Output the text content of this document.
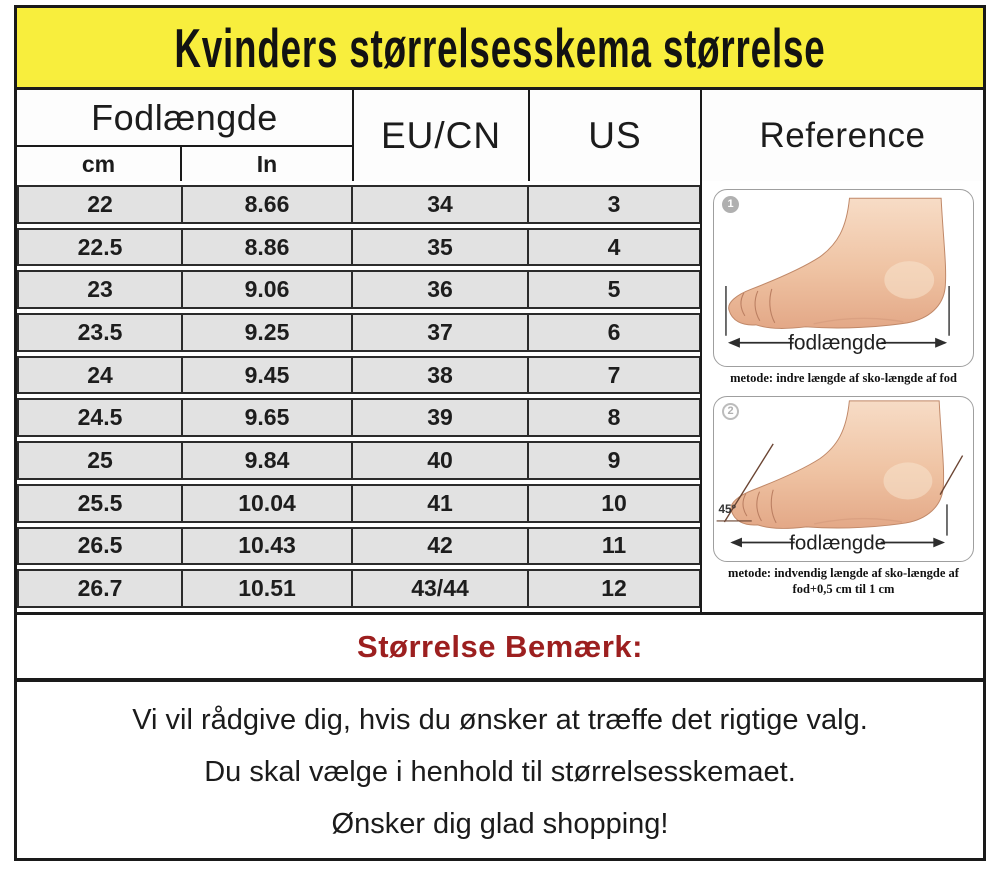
Kvinders størrelsesskema størrelse
Fodlængde
cm	In
EU/CN	US	Reference
22	8.66	34	3
22.5	8.86	35	4
23	9.06	36	5
23.5	9.25	37	6
24	9.45	38	7
24.5	9.65	39	8
25	9.84	40	9
25.5	10.04	41	10
26.5	10.43	42	11
26.7	10.51	43/44	12
1
fodlængde
metode: indre længde af sko-længde af fod
2
45°
fodlængde
metode: indvendig længde af sko-længde af
fod+0,5 cm til 1 cm
Størrelse Bemærk:
Vi vil rådgive dig, hvis du ønsker at træffe det rigtige valg.
Du skal vælge i henhold til størrelsesskemaet.
Ønsker dig glad shopping!
